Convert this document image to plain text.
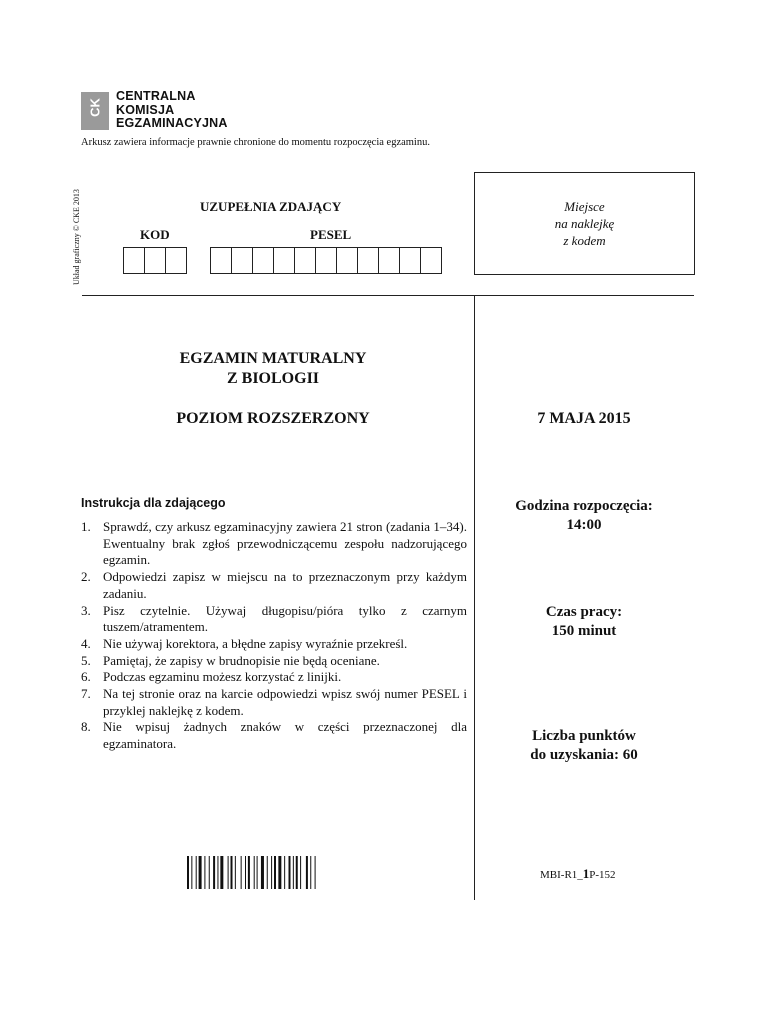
CK
CENTRALNA
KOMISJA
EGZAMINACYJNA
Arkusz zawiera informacje prawnie chronione do momentu rozpoczęcia egzaminu.
Układ graficzny © CKE 2013	UZUPEŁNIA ZDAJĄCY
KOD	PESEL
Miejsce
na naklejkę
z kodem
EGZAMIN MATURALNY
Z BIOLOGII
POZIOM ROZSZERZONY	7 MAJA 2015
Instrukcja dla zdającego
1. Sprawdź, czy arkusz egzaminacyjny zawiera 21 stron (zadania 1–34). Ewentualny brak zgłoś przewodniczącemu zespołu nadzorującego egzamin.
2. Odpowiedzi zapisz w miejscu na to przeznaczonym przy każdym zadaniu.
3. Pisz czytelnie. Używaj długopisu/pióra tylko z czarnym tuszem/atramentem.
4. Nie używaj korektora, a błędne zapisy wyraźnie przekreśl.
5. Pamiętaj, że zapisy w brudnopisie nie będą oceniane.
6. Podczas egzaminu możesz korzystać z linijki.
7. Na tej stronie oraz na karcie odpowiedzi wpisz swój numer PESEL i przyklej naklejkę z kodem.
8. Nie wpisuj żadnych znaków w części przeznaczonej dla egzaminatora.
Godzina rozpoczęcia:
14:00
Czas pracy:
150 minut
Liczba punktów
do uzyskania: 60
MBI-R1_1P-152
